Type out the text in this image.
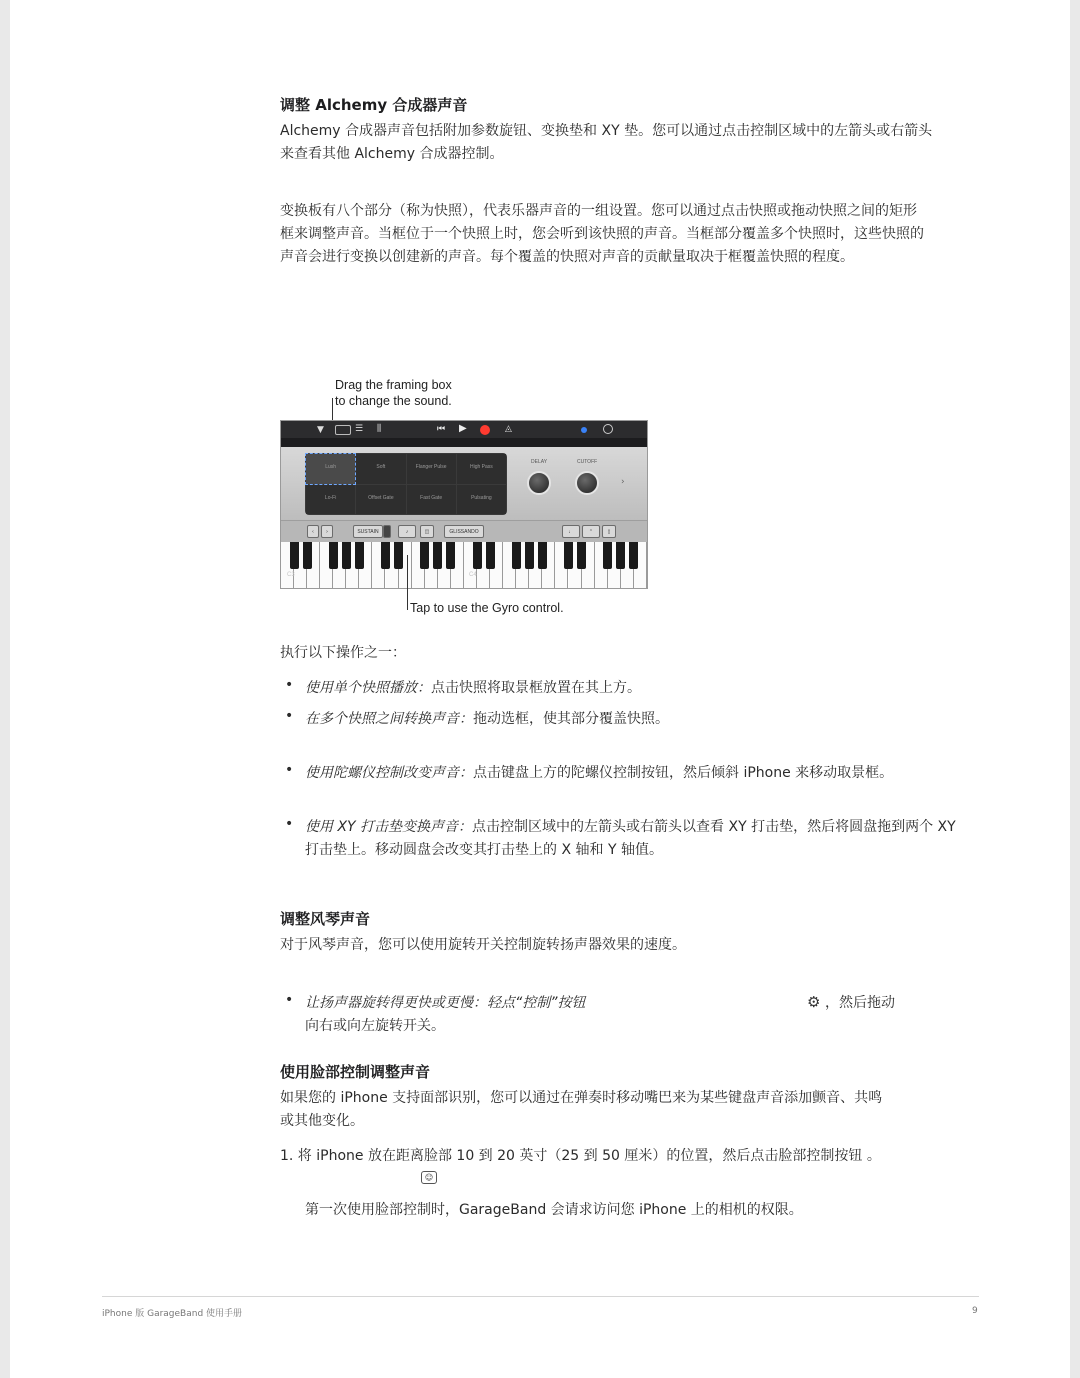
调整 Alchemy 合成器声音
Alchemy 合成器声音包括附加参数旋钮、变换垫和 XY 垫。您可以通过点击控制区域中的左箭头或右箭头
来查看其他 Alchemy 合成器控制。
变换板有八个部分（称为快照），代表乐器声音的一组设置。您可以通过点击快照或拖动快照之间的矩形
框来调整声音。当框位于一个快照上时，您会听到该快照的声音。当框部分覆盖多个快照时，这些快照的
声音会进行变换以创建新的声音。每个覆盖的快照对声音的贡献量取决于框覆盖快照的程度。
Drag the framing box
to change the sound.
▼	☰ ⫼	⏮ ▶	◬
Lush	Soft	Flanger Pulse	High Pass
Lo-Fi	Offset Gate	Fast Gate	Pulsating
DELAY	CUTOFF
›
‹	›	SUSTAIN	♪	◫	GLISSANDO	♩	⌃	▯
C3	C4
Tap to use the Gyro control.
执行以下操作之一：
• 使用单个快照播放：点击快照将取景框放置在其上方。
• 在多个快照之间转换声音：拖动选框，使其部分覆盖快照。
• 使用陀螺仪控制改变声音：点击键盘上方的陀螺仪控制按钮，然后倾斜 iPhone 来移动取景框。
• 使用 XY 打击垫变换声音：点击控制区域中的左箭头或右箭头以查看 XY 打击垫，然后将圆盘拖到两个 XY
打击垫上。移动圆盘会改变其打击垫上的 X 轴和 Y 轴值。
调整风琴声音
对于风琴声音，您可以使用旋转开关控制旋转扬声器效果的速度。
• 让扬声器旋转得更快或更慢：轻点“控制”按钮	⚙ ，然后拖动
向右或向左旋转开关。
使用脸部控制调整声音
如果您的 iPhone 支持面部识别，您可以通过在弹奏时移动嘴巴来为某些键盘声音添加颤音、共鸣
或其他变化。
1. 将 iPhone 放在距离脸部 10 到 20 英寸（25 到 50 厘米）的位置，然后点击脸部控制按钮 。
☺
第一次使用脸部控制时，GarageBand 会请求访问您 iPhone 上的相机的权限。
iPhone 版 GarageBand 使用手册	9
